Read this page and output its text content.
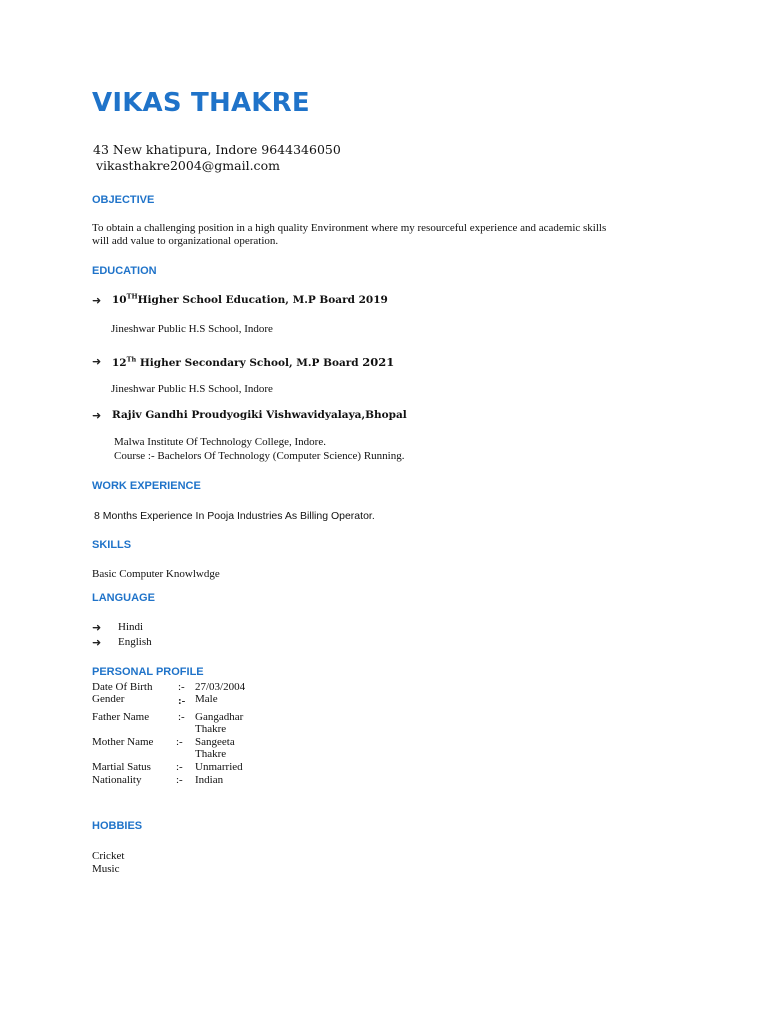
VIKAS THAKRE
43 New khatipura, Indore 9644346050
vikasthakre2004@gmail.com
OBJECTIVE
To obtain a challenging position in a high quality Environment where my resourceful experience and academic skills
will add value to organizational operation.
EDUCATION
➜ 10THHigher School Education, M.P Board 2019
Jineshwar Public H.S School, Indore
➜ 12Th Higher Secondary School, M.P Board 2021
Jineshwar Public H.S School, Indore
➜ Rajiv Gandhi Proudyogiki Vishwavidyalaya,Bhopal
Malwa Institute Of Technology College, Indore.
Course :- Bachelors Of Technology (Computer Science) Running.
WORK EXPERIENCE
8 Months Experience In Pooja Industries As Billing Operator.
SKILLS
Basic Computer Knowlwdge
LANGUAGE
➜ Hindi
➜ English
PERSONAL PROFILE
Date Of Birth :- 27/03/2004
Gender	:- Male
Father Name	:- Gangadhar
Thakre
Mother Name :- Sangeeta
Thakre
Martial Satus :- Unmarried
Nationality	:- Indian
HOBBIES
Cricket
Music
